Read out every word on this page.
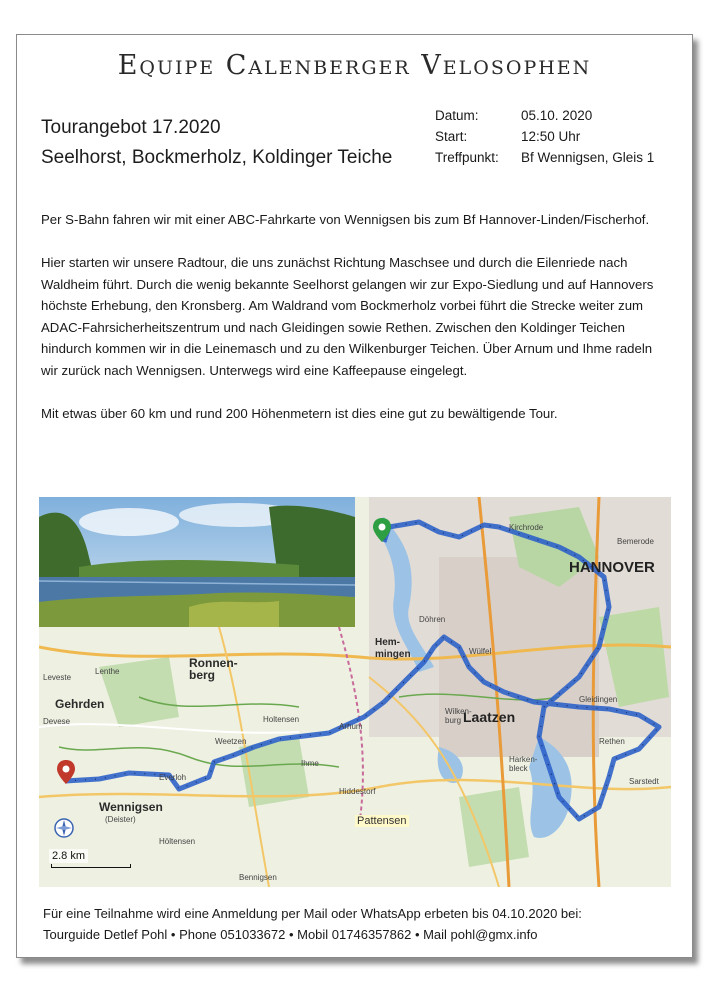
Equipe Calenberger Velosophen
Tourangebot 17.2020
Seelhorst, Bockmerholz, Koldinger Teiche
Datum:	05.10. 2020
Start:	12:50 Uhr
Treffpunkt:	Bf Wennigsen, Gleis 1

Per S-Bahn fahren wir mit einer ABC-Fahrkarte von Wennigsen bis zum Bf Hannover-Linden/Fischerhof.

Hier starten wir unsere Radtour, die uns zunächst Richtung Maschsee und durch die Eilenriede nach Waldheim führt. Durch die wenig bekannte Seelhorst gelangen wir zur Expo-Siedlung und auf Hannovers höchste Erhebung, den Kronsberg. Am Waldrand vom Bockmerholz vorbei führt die Strecke weiter zum ADAC-Fahrsicherheitszentrum und nach Gleidingen sowie Rethen. Zwischen den Koldinger Teichen hindurch kommen wir in die Leinemasch und zu den Wilkenburger Teichen. Über Arnum und Ihme radeln wir zurück nach Wennigsen. Unterwegs wird eine Kaffeepause eingelegt.

Mit etwas über 60 km und rund 200 Höhenmetern ist dies eine gut zu bewältigende Tour.

HANNOVER
Laatzen
Gehrden
Ronnen-
berg
Hem-
mingen
Wennigsen
(Deister)	Pattensen
Rethen
Arnum
Weetzen
Kirchrode
Bemerode
Wülfel
Döhren
Harken-
bleck
Hiddestorf
Leveste
Ihme
Sarstedt
Gleidingen
Wilken-
burg
Bennigsen
Höltensen
Holtensen
Everloh
Lenthe
Devese
2.8 km
Für eine Teilnahme wird eine Anmeldung per Mail oder WhatsApp erbeten bis 04.10.2020 bei:
Tourguide Detlef Pohl • Phone 051033672 • Mobil 01746357862 • Mail pohl@gmx.info
